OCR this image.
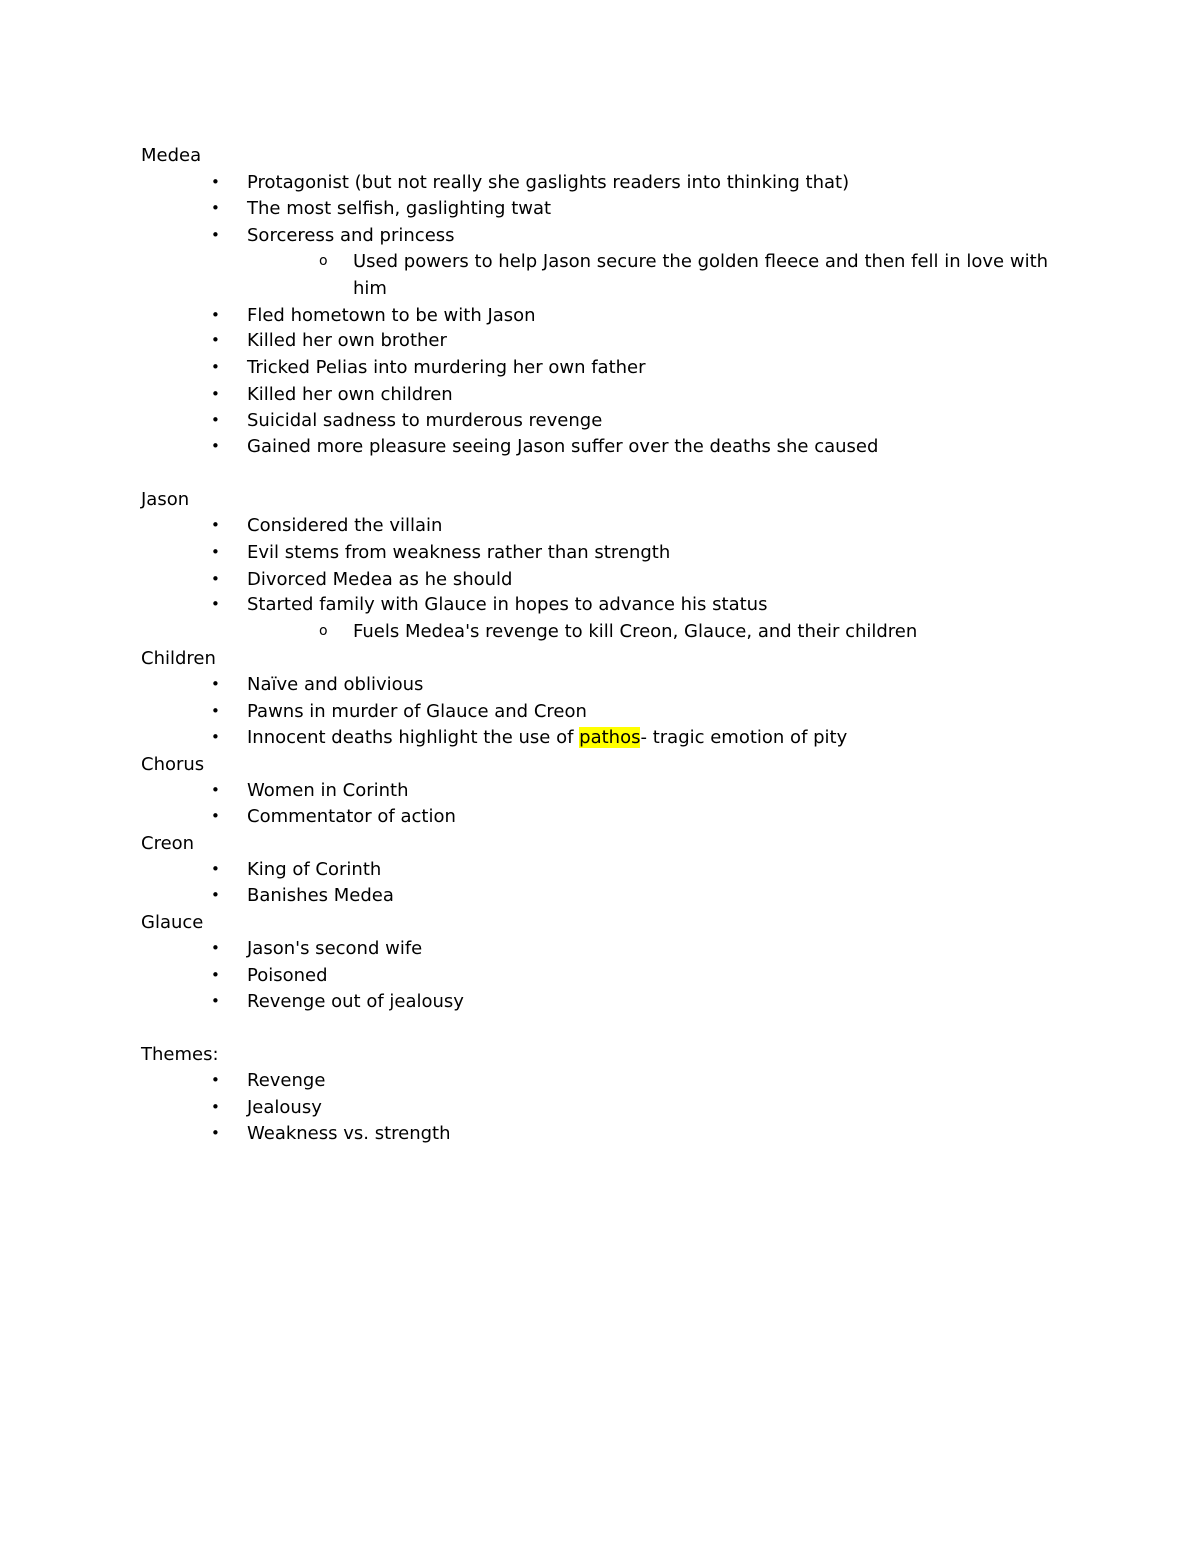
Medea
• Protagonist (but not really she gaslights readers into thinking that)
• The most selfish, gaslighting twat
• Sorceress and princess
o Used powers to help Jason secure the golden fleece and then fell in love with
him
• Fled hometown to be with Jason
• Killed her own brother
• Tricked Pelias into murdering her own father
• Killed her own children
• Suicidal sadness to murderous revenge
• Gained more pleasure seeing Jason suffer over the deaths she caused
Jason
• Considered the villain
• Evil stems from weakness rather than strength
• Divorced Medea as he should
• Started family with Glauce in hopes to advance his status
o Fuels Medea's revenge to kill Creon, Glauce, and their children
Children
• Naïve and oblivious
• Pawns in murder of Glauce and Creon
• Innocent deaths highlight the use of pathos- tragic emotion of pity
Chorus
• Women in Corinth
• Commentator of action
Creon
• King of Corinth
• Banishes Medea
Glauce
• Jason's second wife
• Poisoned
• Revenge out of jealousy
Themes:
• Revenge
• Jealousy
• Weakness vs. strength
